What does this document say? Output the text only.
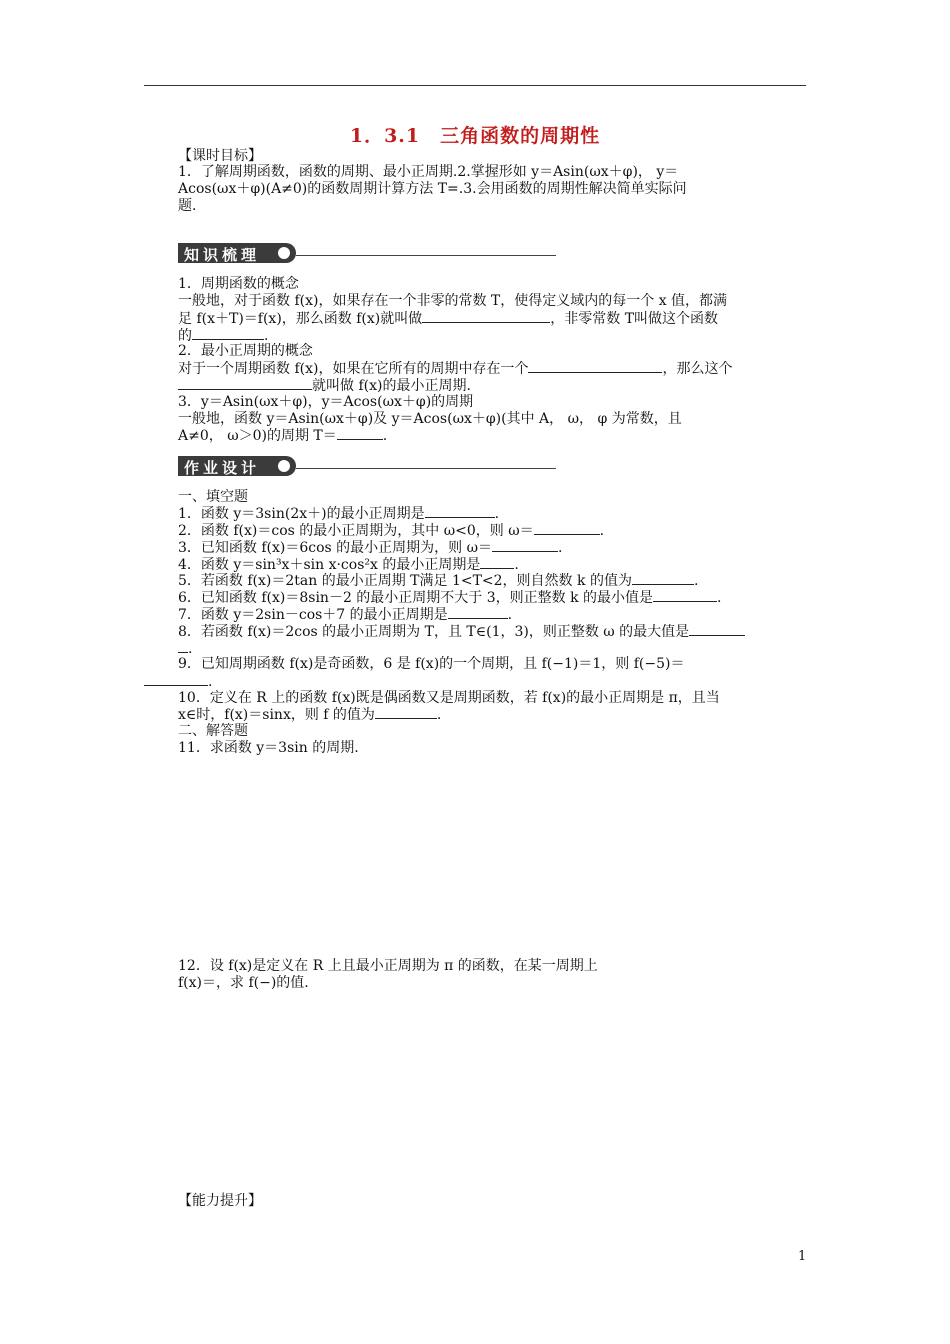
1．3.1　三角函数的周期性
【课时目标】
1．了解周期函数，函数的周期、最小正周期.2.掌握形如 y＝Asin(ωx＋φ)， y＝
Acos(ωx＋φ)(A≠0)的函数周期计算方法 T=.3.会用函数的周期性解决简单实际问
题.
知识梳理
1．周期函数的概念
一般地，对于函数 f(x)，如果存在一个非零的常数 T，使得定义域内的每一个 x 值，都满
足 f(x＋T)＝f(x)，那么函数 f(x)就叫做	，非零常数 T叫做这个函数
的	.
2．最小正周期的概念
对于一个周期函数 f(x)，如果在它所有的周期中存在一个	，那么这个
就叫做 f(x)的最小正周期.
3．y＝Asin(ωx＋φ)，y＝Acos(ωx＋φ)的周期
一般地，函数 y＝Asin(ωx＋φ)及 y＝Acos(ωx＋φ)(其中 A， ω， φ 为常数，且
A≠0， ω＞0)的周期 T＝	.
作业设计
一、填空题
1．函数 y＝3sin(2x＋)的最小正周期是	.
2．函数 f(x)＝cos 的最小正周期为，其中 ω<0，则 ω＝	.
3．已知函数 f(x)＝6cos 的最小正周期为，则 ω＝	.
4．函数 y＝sin³x＋sin x·cos²x 的最小正周期是 .
5．若函数 f(x)＝2tan 的最小正周期 T满足 1<T<2，则自然数 k 的值为	.
6．已知函数 f(x)＝8sin－2 的最小正周期不大于 3，则正整数 k 的最小值是	.
7．函数 y＝2sin－cos＋7 的最小正周期是	.
8．若函数 f(x)＝2cos 的最小正周期为 T，且 T∈(1，3)，则正整数 ω 的最大值是
.
9．已知周期函数 f(x)是奇函数，6 是 f(x)的一个周期，且 f(−1)＝1，则 f(−5)＝
.
10．定义在 R 上的函数 f(x)既是偶函数又是周期函数，若 f(x)的最小正周期是 π，且当
x∈时，f(x)＝sinx，则 f 的值为	.
二、解答题
11．求函数 y＝3sin 的周期.
12．设 f(x)是定义在 R 上且最小正周期为 π 的函数，在某一周期上
f(x)＝，求 f(−)的值.
【能力提升】
1
